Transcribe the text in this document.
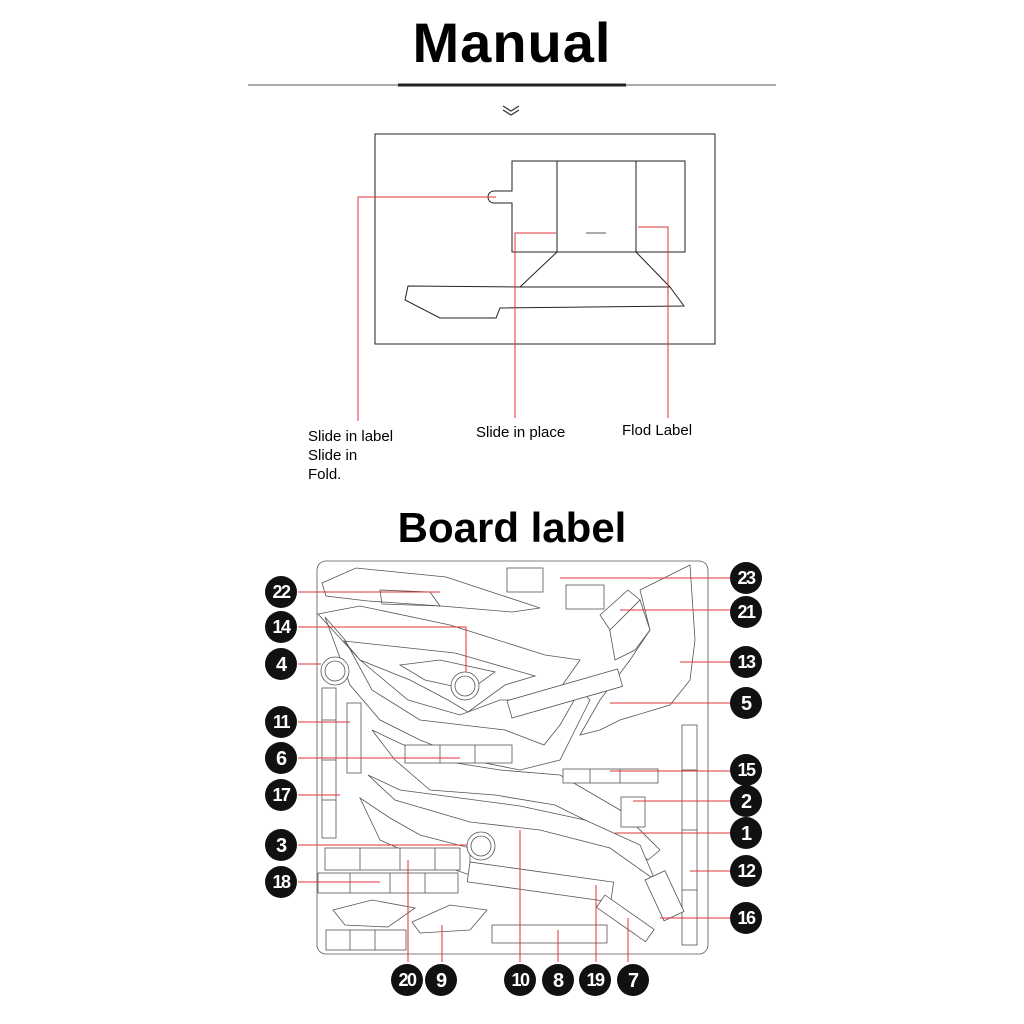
Manual
Board label
Slide in label
Slide in
Fold.
Slide in place	Flod Label
22
14
4
11
6
17
3
18
23
21
13
5
15
2
1
12
16
20 9	10 8 19 7
